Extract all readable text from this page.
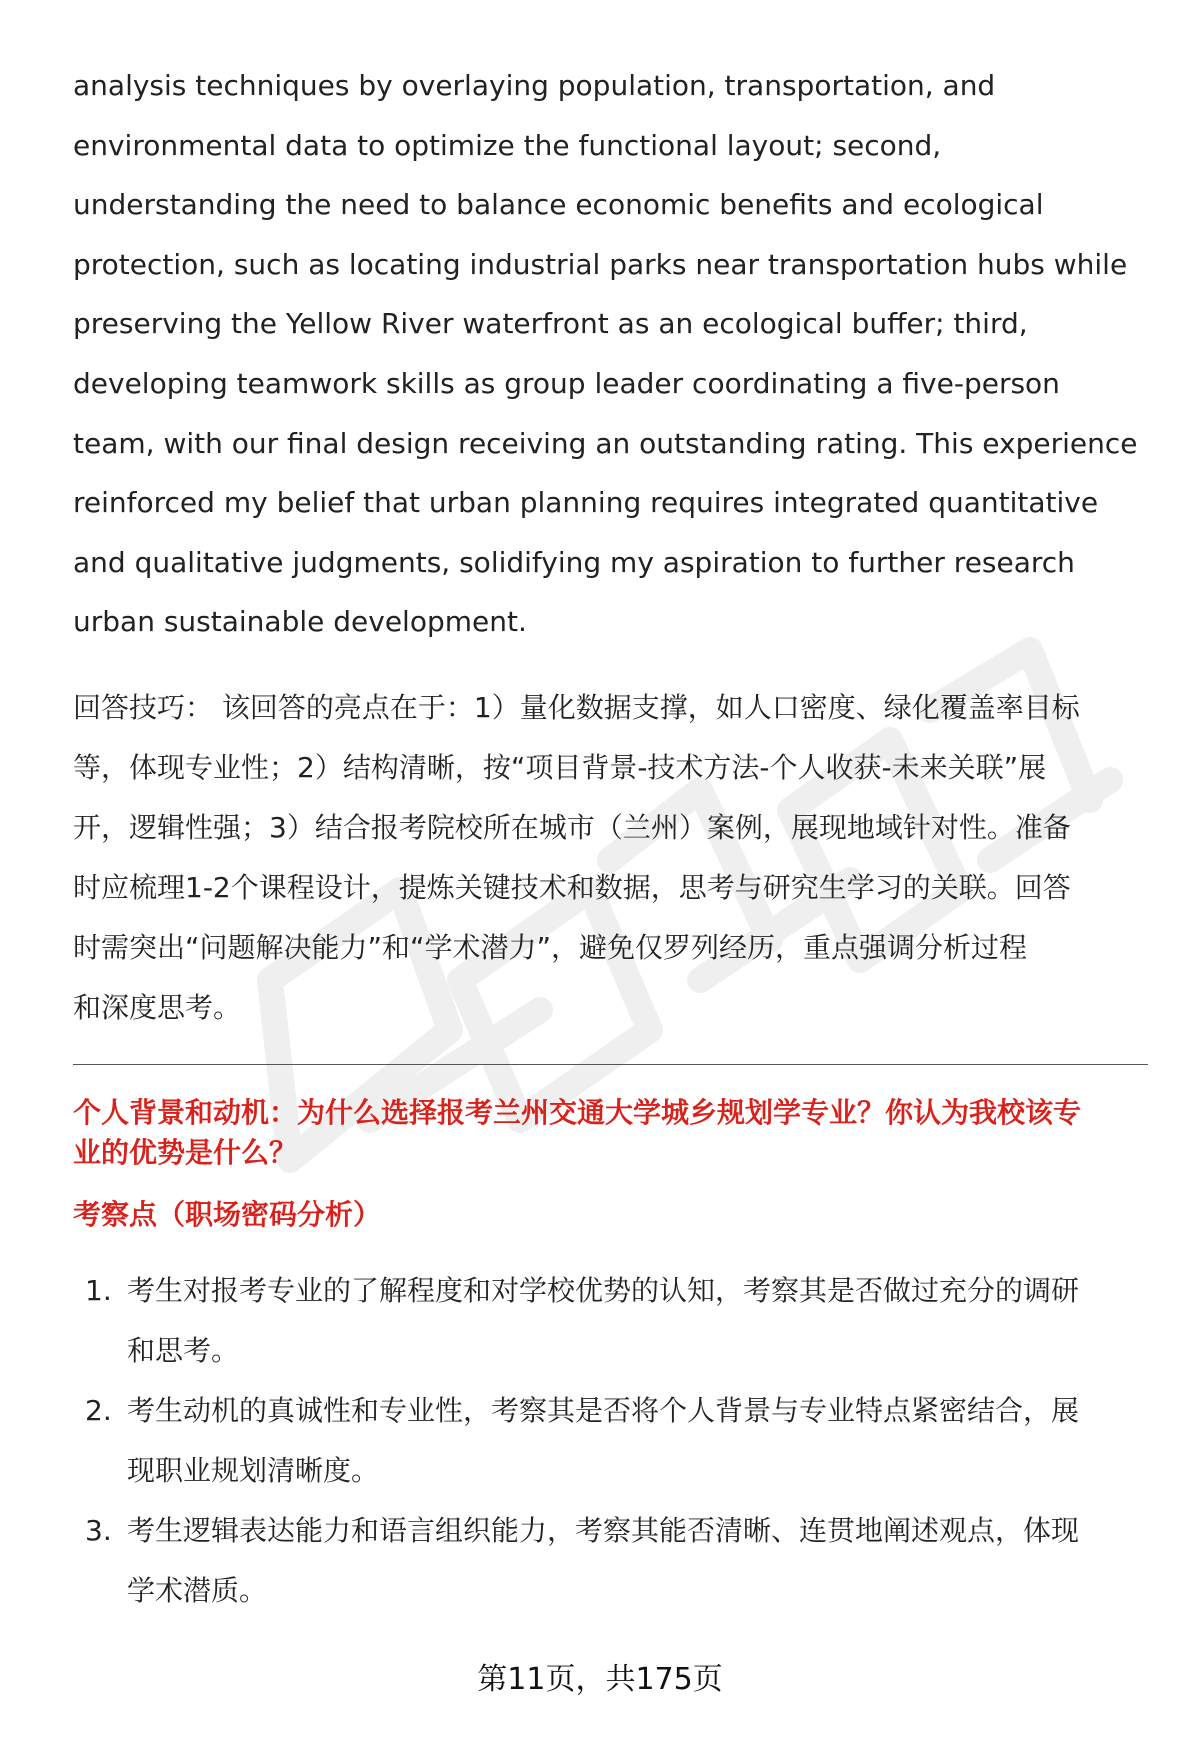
analysis techniques by overlaying population, transportation, and
environmental data to optimize the functional layout; second,
understanding the need to balance economic benefits and ecological
protection, such as locating industrial parks near transportation hubs while
preserving the Yellow River waterfront as an ecological buffer; third,
developing teamwork skills as group leader coordinating a five-person
team, with our final design receiving an outstanding rating. This experience
reinforced my belief that urban planning requires integrated quantitative
and qualitative judgments, solidifying my aspiration to further research
urban sustainable development.

回答技巧： 该回答的亮点在于：1）量化数据支撑，如人口密度、绿化覆盖率目标
等，体现专业性；2）结构清晰，按“项目背景-技术方法-个人收获-未来关联”展
开，逻辑性强；3）结合报考院校所在城市（兰州）案例，展现地域针对性。准备
时应梳理1-2个课程设计，提炼关键技术和数据，思考与研究生学习的关联。回答
时需突出“问题解决能力”和“学术潜力”，避免仅罗列经历，重点强调分析过程
和深度思考。

个人背景和动机：为什么选择报考兰州交通大学城乡规划学专业？你认为我校该专
业的优势是什么？

考察点（职场密码分析）

1. 考生对报考专业的了解程度和对学校优势的认知，考察其是否做过充分的调研
和思考。
2. 考生动机的真诚性和专业性，考察其是否将个人背景与专业特点紧密结合，展
现职业规划清晰度。
3. 考生逻辑表达能力和语言组织能力，考察其能否清晰、连贯地阐述观点，体现
学术潜质。
第11页，共175页
